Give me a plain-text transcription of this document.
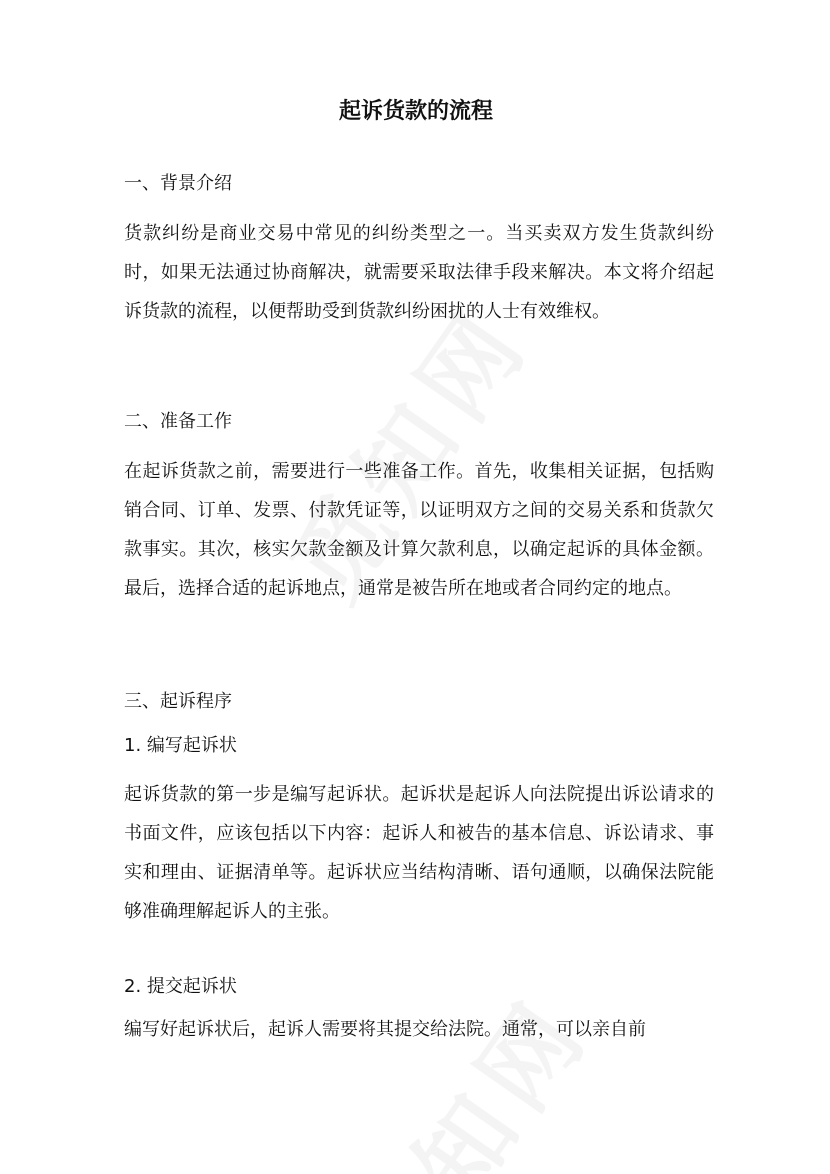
起诉货款的流程
一、背景介绍

货款纠纷是商业交易中常见的纠纷类型之一。当买卖双方发生货款纠纷时，如果无法通过协商解决，就需要采取法律手段来解决。本文将介绍起诉货款的流程，以便帮助受到货款纠纷困扰的人士有效维权。

二、准备工作

在起诉货款之前，需要进行一些准备工作。首先，收集相关证据，包括购销合同、订单、发票、付款凭证等，以证明双方之间的交易关系和货款欠款事实。其次，核实欠款金额及计算欠款利息，以确定起诉的具体金额。最后，选择合适的起诉地点，通常是被告所在地或者合同约定的地点。

三、起诉程序
1. 编写起诉状

起诉货款的第一步是编写起诉状。起诉状是起诉人向法院提出诉讼请求的书面文件，应该包括以下内容：起诉人和被告的基本信息、诉讼请求、事实和理由、证据清单等。起诉状应当结构清晰、语句通顺，以确保法院能够准确理解起诉人的主张。

2. 提交起诉状

编写好起诉状后，起诉人需要将其提交给法院。通常，可以亲自前
